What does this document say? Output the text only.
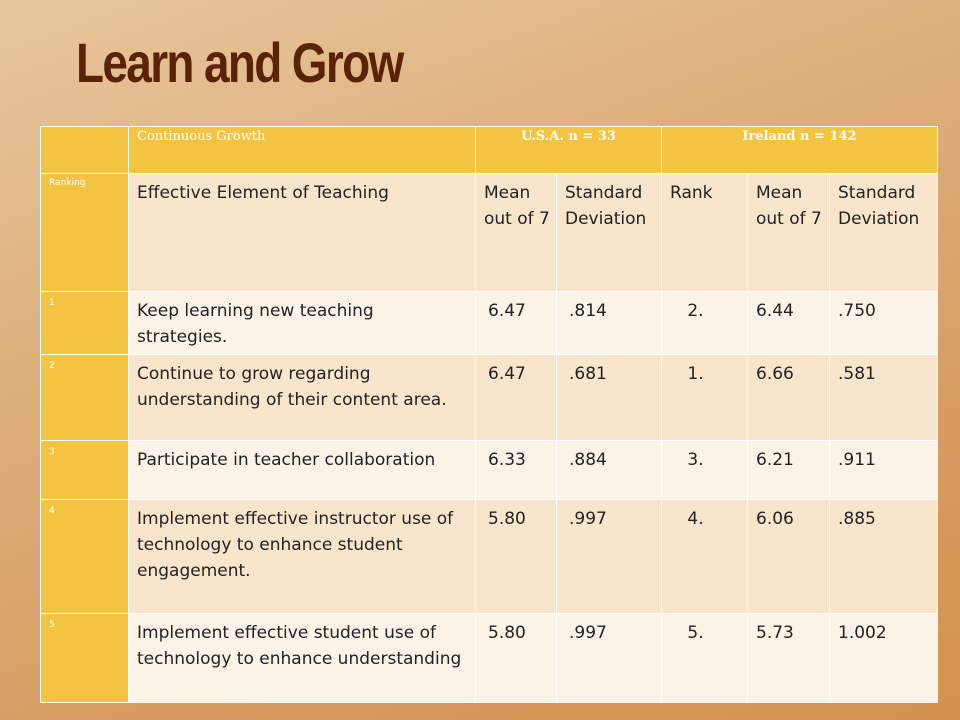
Learn and Grow
	Continuous Growth	U.S.A. n = 33		Ireland n = 142		
Ranking	Effective Element of Teaching	Mean out of 7	Standard Deviation	Rank	Mean out of 7	Standard Deviation
1	Keep learning new teaching strategies.	6.47	.814	2.	6.44	.750
2	Continue to grow regarding understanding of their content area.	6.47	.681	1.	6.66	.581
3	Participate in teacher collaboration	6.33	.884	3.	6.21	.911
4	Implement effective instructor use of technology to enhance student engagement.	5.80	.997	4.	6.06	.885
5	Implement effective student use of technology to enhance understanding	5.80	.997	5.	5.73	1.002
